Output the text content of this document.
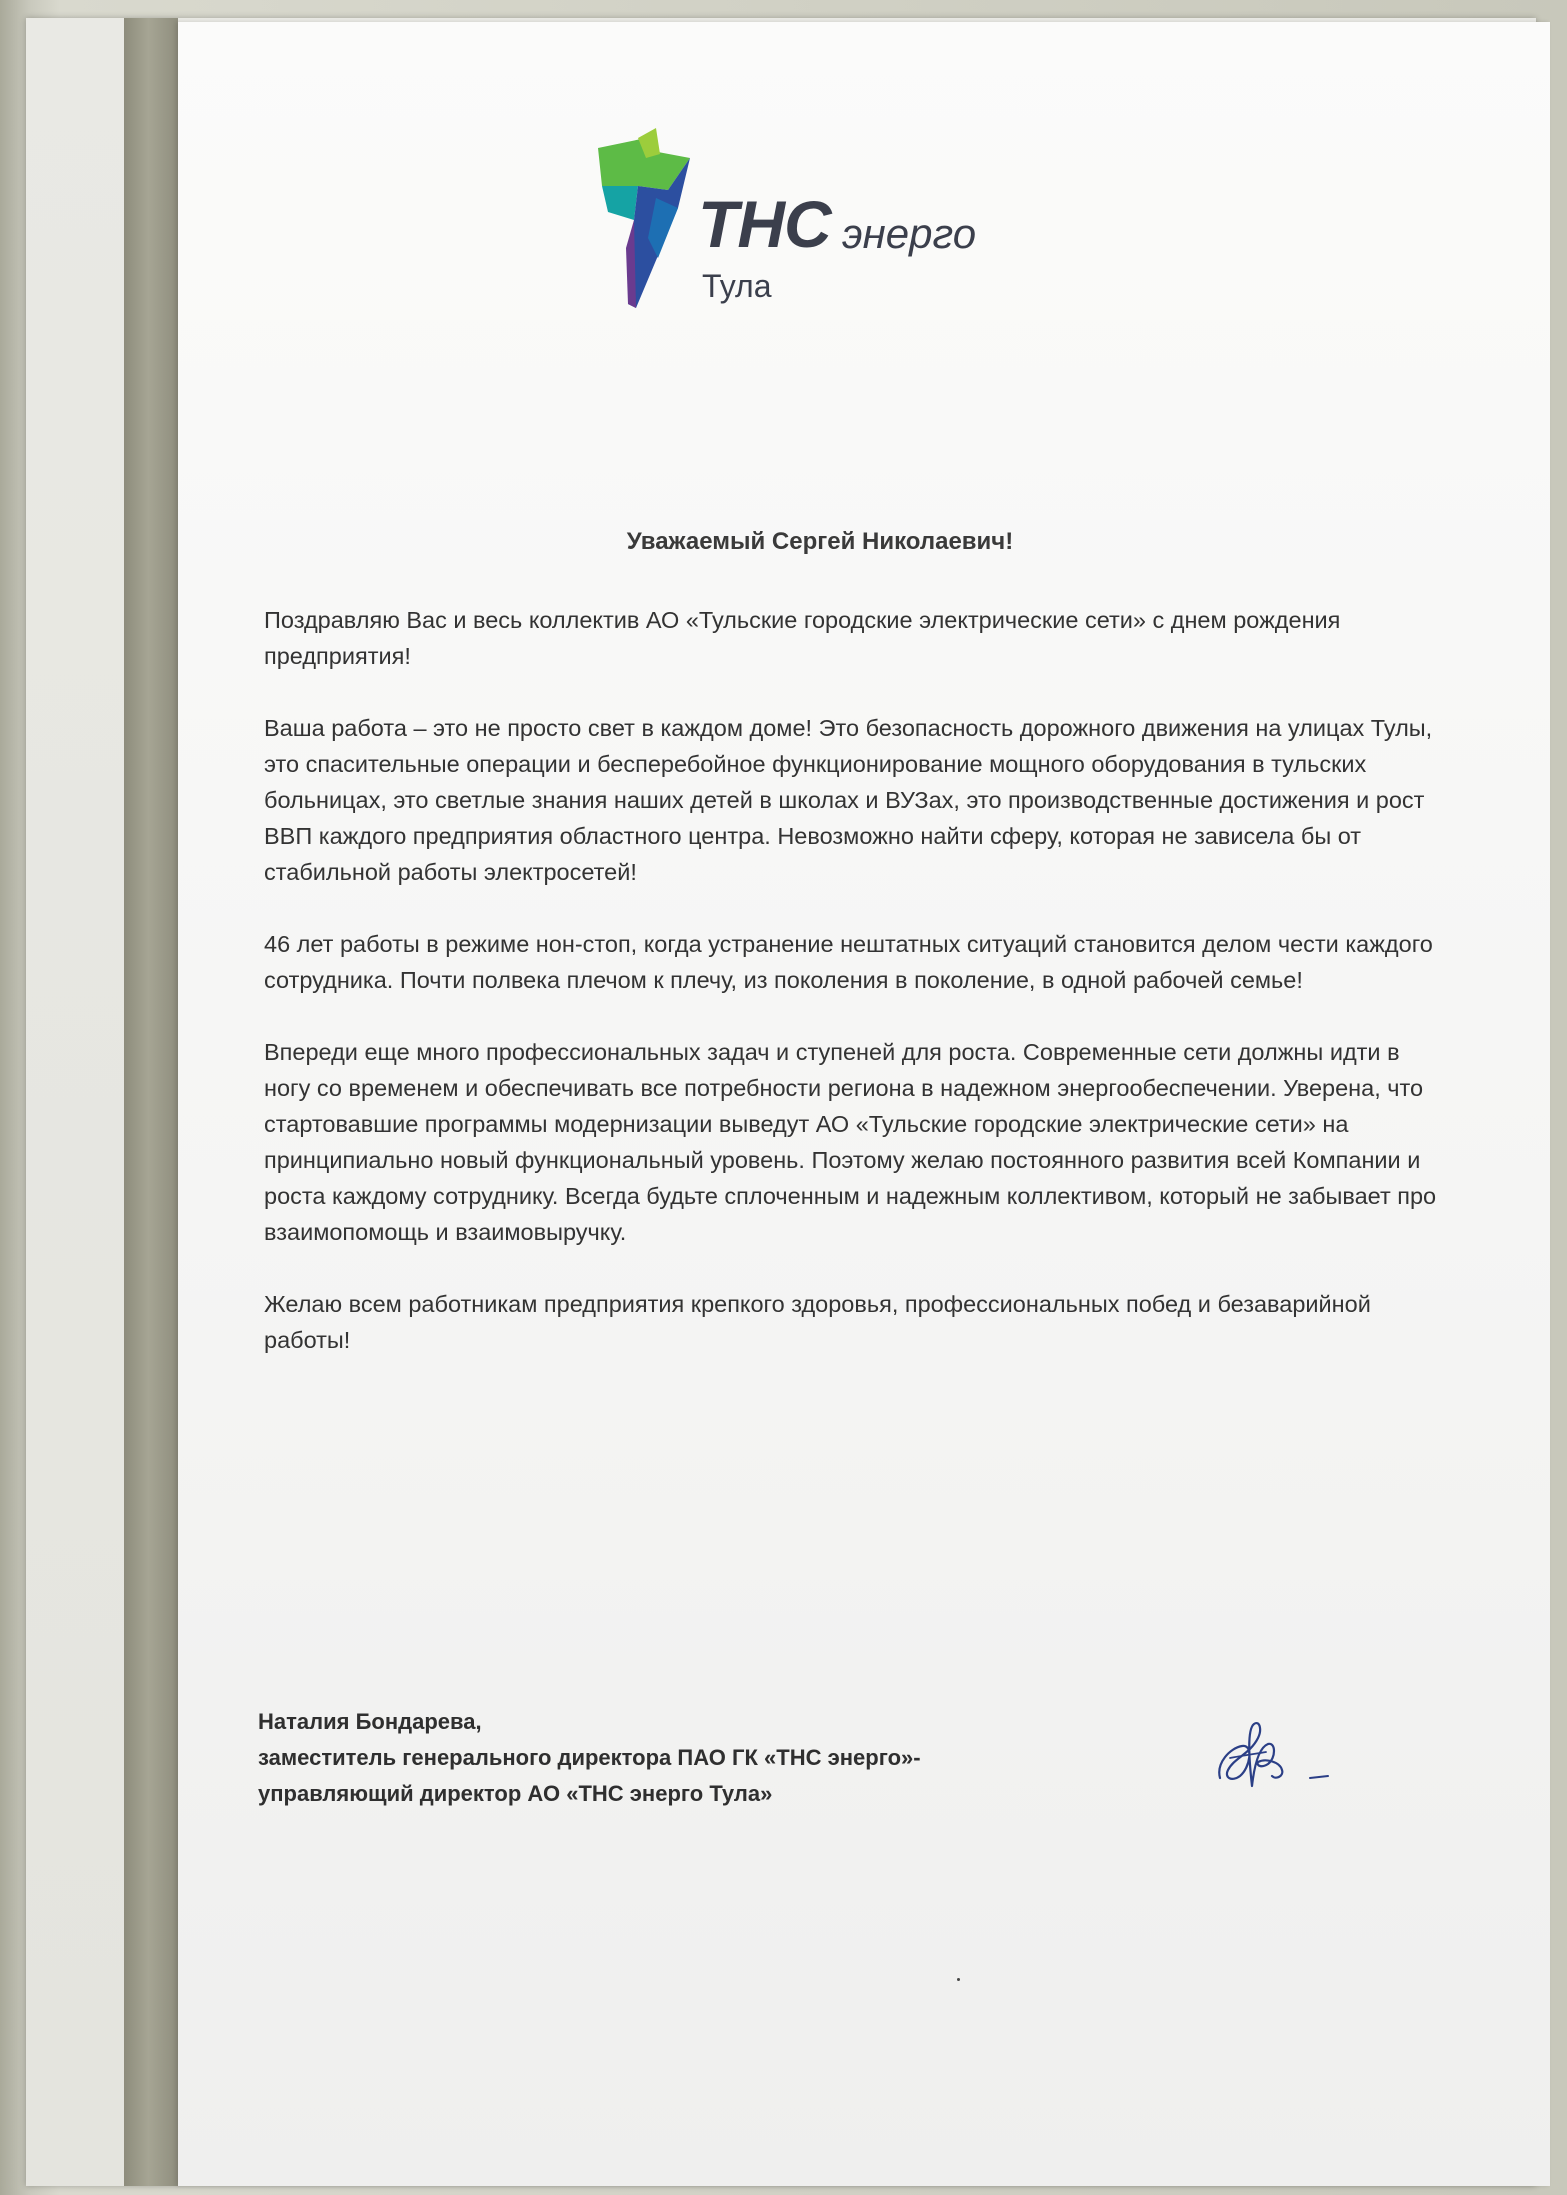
ТНС энерго
Тула
Уважаемый Сергей Николаевич!

Поздравляю Вас и весь коллектив АО «Тульские городские электрические сети» с днем рождения предприятия!

Ваша работа – это не просто свет в каждом доме! Это безопасность дорожного движения на улицах Тулы, это спасительные операции и бесперебойное функционирование мощного оборудования в тульских больницах, это светлые знания наших детей в школах и ВУЗах, это производственные достижения и рост ВВП каждого предприятия областного центра. Невозможно найти сферу, которая не зависела бы от стабильной работы электросетей!

46 лет работы в режиме нон-стоп, когда устранение нештатных ситуаций становится делом чести каждого сотрудника. Почти полвека плечом к плечу, из поколения в поколение, в одной рабочей семье!

Впереди еще много профессиональных задач и ступеней для роста. Современные сети должны идти в ногу со временем и обеспечивать все потребности региона в надежном энергообеспечении. Уверена, что стартовавшие программы модернизации выведут АО «Тульские городские электрические сети» на принципиально новый функциональный уровень. Поэтому желаю постоянного развития всей Компании и роста каждому сотруднику. Всегда будьте сплоченным и надежным коллективом, который не забывает про взаимопомощь и взаимовыручку.

Желаю всем работникам предприятия крепкого здоровья, профессиональных побед и безаварийной работы!

Наталия Бондарева,
заместитель генерального директора ПАО ГК «ТНС энерго»-
управляющий директор АО «ТНС энерго Тула»
